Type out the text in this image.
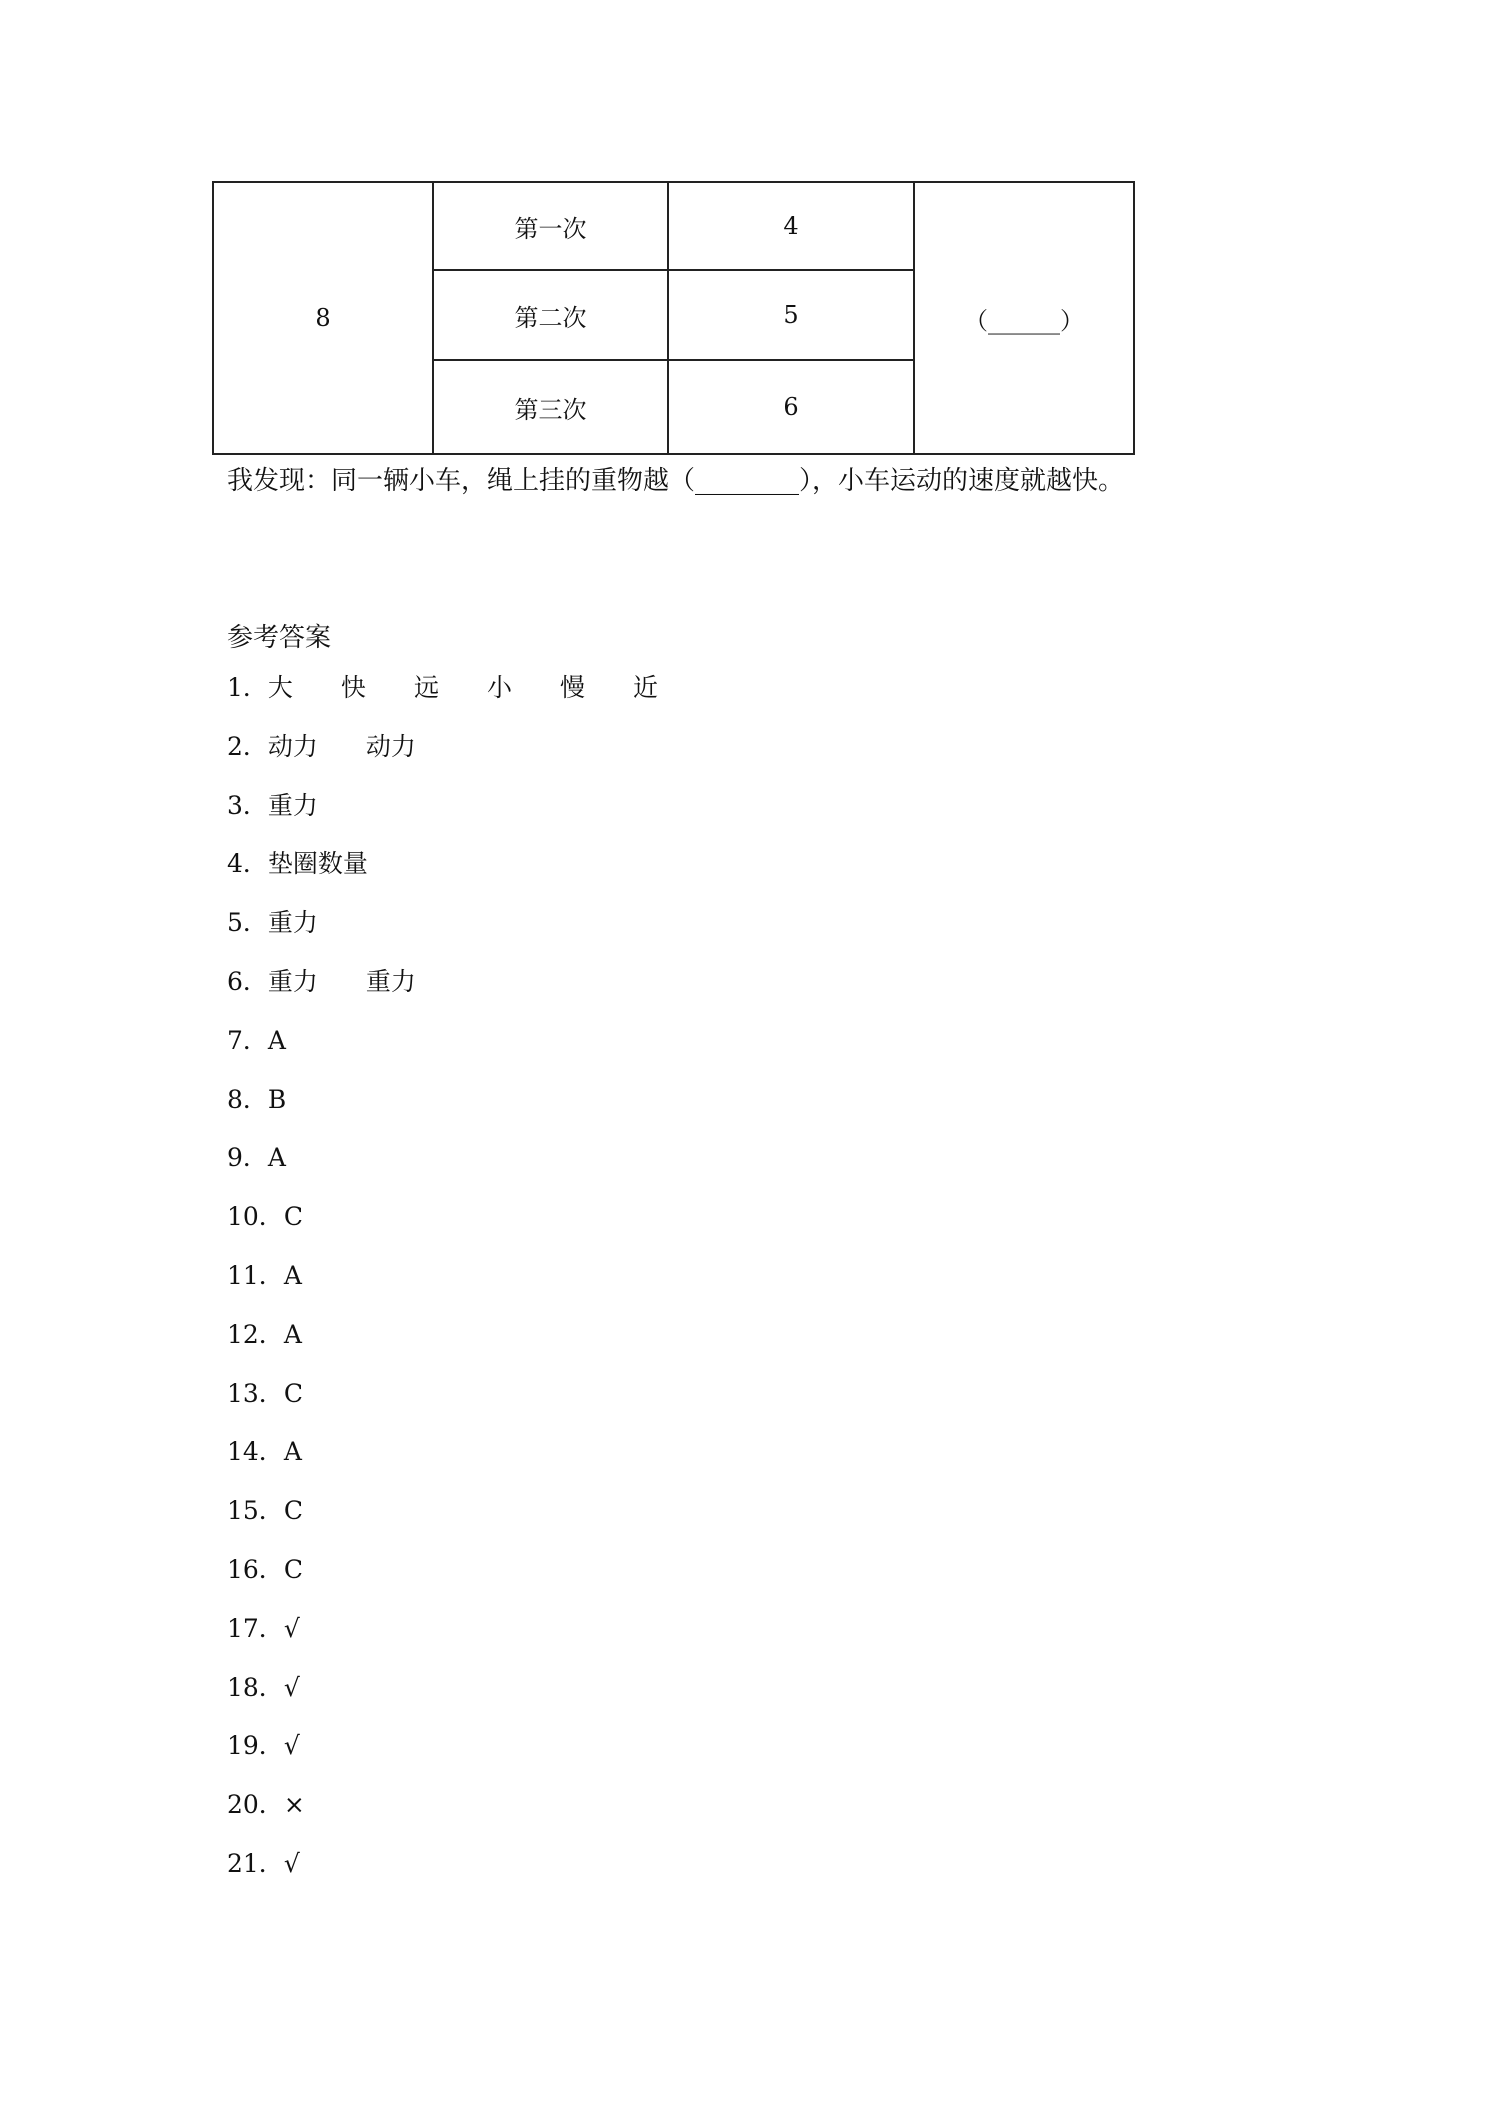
8	第一次	4	（______）
	第二次	5	
	第三次	6	
我发现：同一辆小车，绳上挂的重物越（________），小车运动的速度就越快。
参考答案
1．大 快 远 小 慢 近
2．动力 动力
3．重力
4．垫圈数量
5．重力
6．重力 重力
7．A
8．B
9．A
10．C
11．A
12．A
13．C
14．A
15．C
16．C
17．√
18．√
19．√
20．×
21．√
